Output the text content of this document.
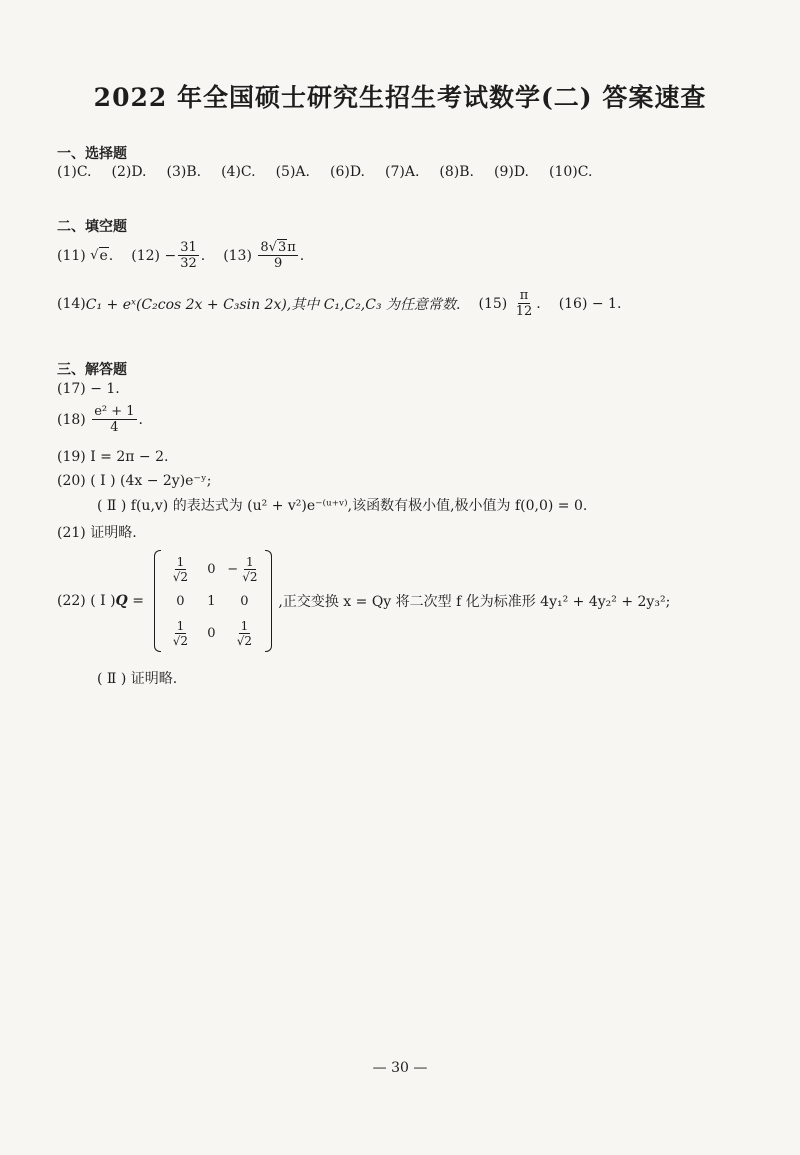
2022 年全国硕士研究生招生考试数学(二) 答案速查
一、选择题
(1)C. (2)D. (3)B. (4)C. (5)A. (6)D. (7)A. (8)B. (9)D. (10)C.
二、填空题
(11)
√ e . (12)
− $\frac{31}{32}$ . (13)
$\frac{8√3\pi}{9}$ .
(14) C₁ + eˣ(C₂cos 2x + C₃sin 2x),其中 C₁,C₂,C₃ 为任意常数. (15)
$\frac{\pi}{12}$ . (16) − 1.
三、解答题
(17) − 1.
(18)
$\frac{\text{e² + 1}}{4}$ .
(19) I = 2π − 2.
(20) ( Ⅰ ) (4x − 2y)e⁻ʸ;
( Ⅱ ) f(u,v) 的表达式为 (u² + v²)e⁻⁽ᵘ⁺ᵛ⁾,该函数有极小值,极小值为 f(0,0) = 0.
(21) 证明略.
(22) ( Ⅰ ) Q =
$\frac{1}{√2} 0 - \frac{1}{√2}$
0 1 0
$\frac{1}{√2} 0 \frac{1}{√2}$
,正交变换 x = Qy 将二次型 f 化为标准形 4y₁² + 4y₂² + 2y₃²;
( Ⅱ ) 证明略.
— 30 —
